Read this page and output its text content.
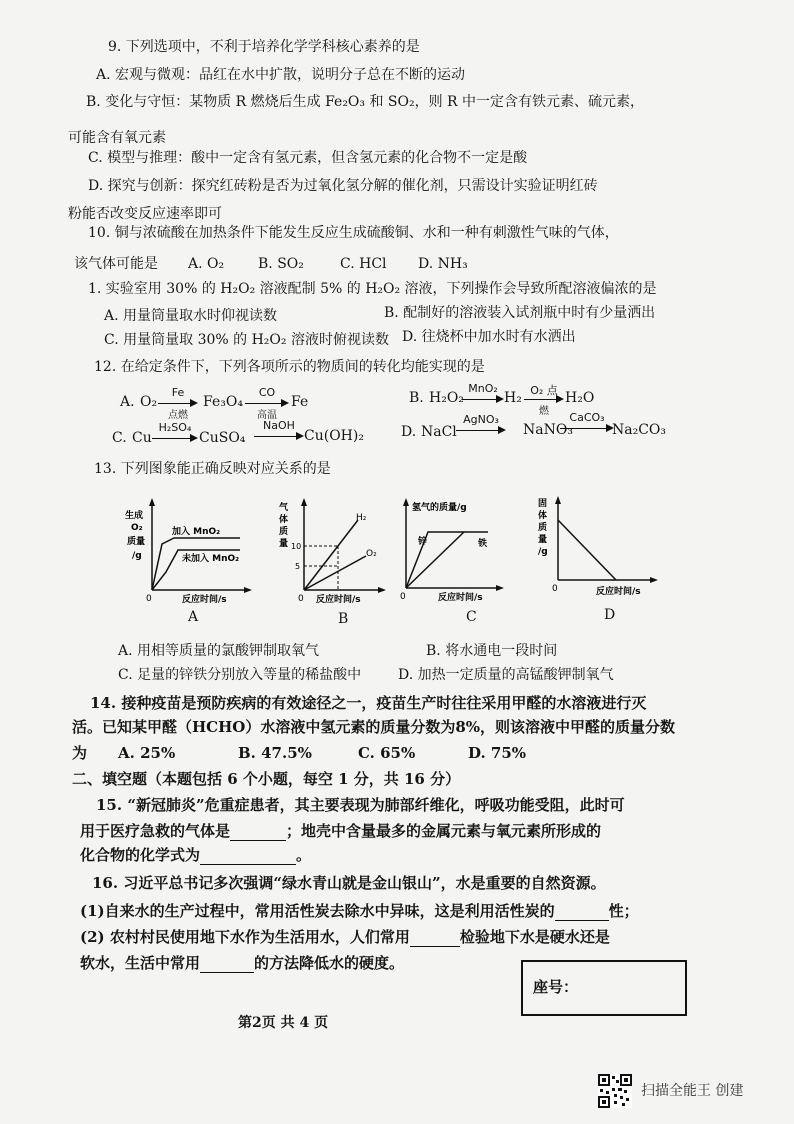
9. 下列选项中，不利于培养化学学科核心素养的是
A. 宏观与微观：品红在水中扩散，说明分子总在不断的运动
B. 变化与守恒：某物质 R 燃烧后生成 Fe₂O₃ 和 SO₂，则 R 中一定含有铁元素、硫元素，
可能含有氧元素
C. 模型与推理：酸中一定含有氢元素，但含氢元素的化合物不一定是酸
D. 探究与创新：探究红砖粉是否为过氧化氢分解的催化剂，只需设计实验证明红砖
粉能否改变反应速率即可
10. 铜与浓硫酸在加热条件下能发生反应生成硫酸铜、水和一种有刺激性气味的气体，
该气体可能是 A. O₂ B. SO₂	C. HCl D. NH₃
1. 实验室用 30% 的 H₂O₂ 溶液配制 5% 的 H₂O₂ 溶液，下列操作会导致所配溶液偏浓的是
A. 用量筒量取水时仰视读数	B. 配制好的溶液装入试剂瓶中时有少量洒出
C. 用量筒量取 30% 的 H₂O₂ 溶液时俯视读数 D. 往烧杯中加水时有水洒出
12. 在给定条件下，下列各项所示的物质间的转化均能实现的是
A. O₂
Fe
点燃
Fe₃O₄
CO
高温
Fe	B. H₂O₂
MnO₂
H₂ O₂ 点
燃
H₂O
C. Cu
H₂SO₄
CuSO₄
NaOH
Cu(OH)₂	D. NaCl
AgNO₃
NaNO₃
CaCO₃
Na₂CO₃
13. 下列图象能正确反映对应关系的是
生成
O₂
质量
/g
加入 MnO₂
未加入 MnO₂
0	反应时间/s
A
气
体
质
量 10
5
H₂
O₂
0 反应时间/s
B
氢气的质量/g
锌	铁
0	反应时间/s
C
固
体
质
量
/g
0	反应时间/s
D
A. 用相等质量的氯酸钾制取氧气	B. 将水通电一段时间
C. 足量的锌铁分别放入等量的稀盐酸中	D. 加热一定质量的高锰酸钾制氧气
14. 接种疫苗是预防疾病的有效途径之一，疫苗生产时往往采用甲醛的水溶液进行灭
活。已知某甲醛（HCHO）水溶液中氢元素的质量分数为8%，则该溶液中甲醛的质量分数
为 A. 25%	B. 47.5%	C. 65%	D. 75%
二、填空题（本题包括 6 个小题，每空 1 分，共 16 分）
15. “新冠肺炎”危重症患者，其主要表现为肺部纤维化，呼吸功能受阻，此时可
用于医疗急救的气体是	；地壳中含量最多的金属元素与氧元素所形成的
化合物的化学式为	。
16. 习近平总书记多次强调“绿水青山就是金山银山”，水是重要的自然资源。
(1)自来水的生产过程中，常用活性炭去除水中异味，这是利用活性炭的	性；
(2) 农村村民使用地下水作为生活用水，人们常用	检验地下水是硬水还是
软水，生活中常用	的方法降低水的硬度。
座号：
第2页 共 4 页
扫描全能王 创建
